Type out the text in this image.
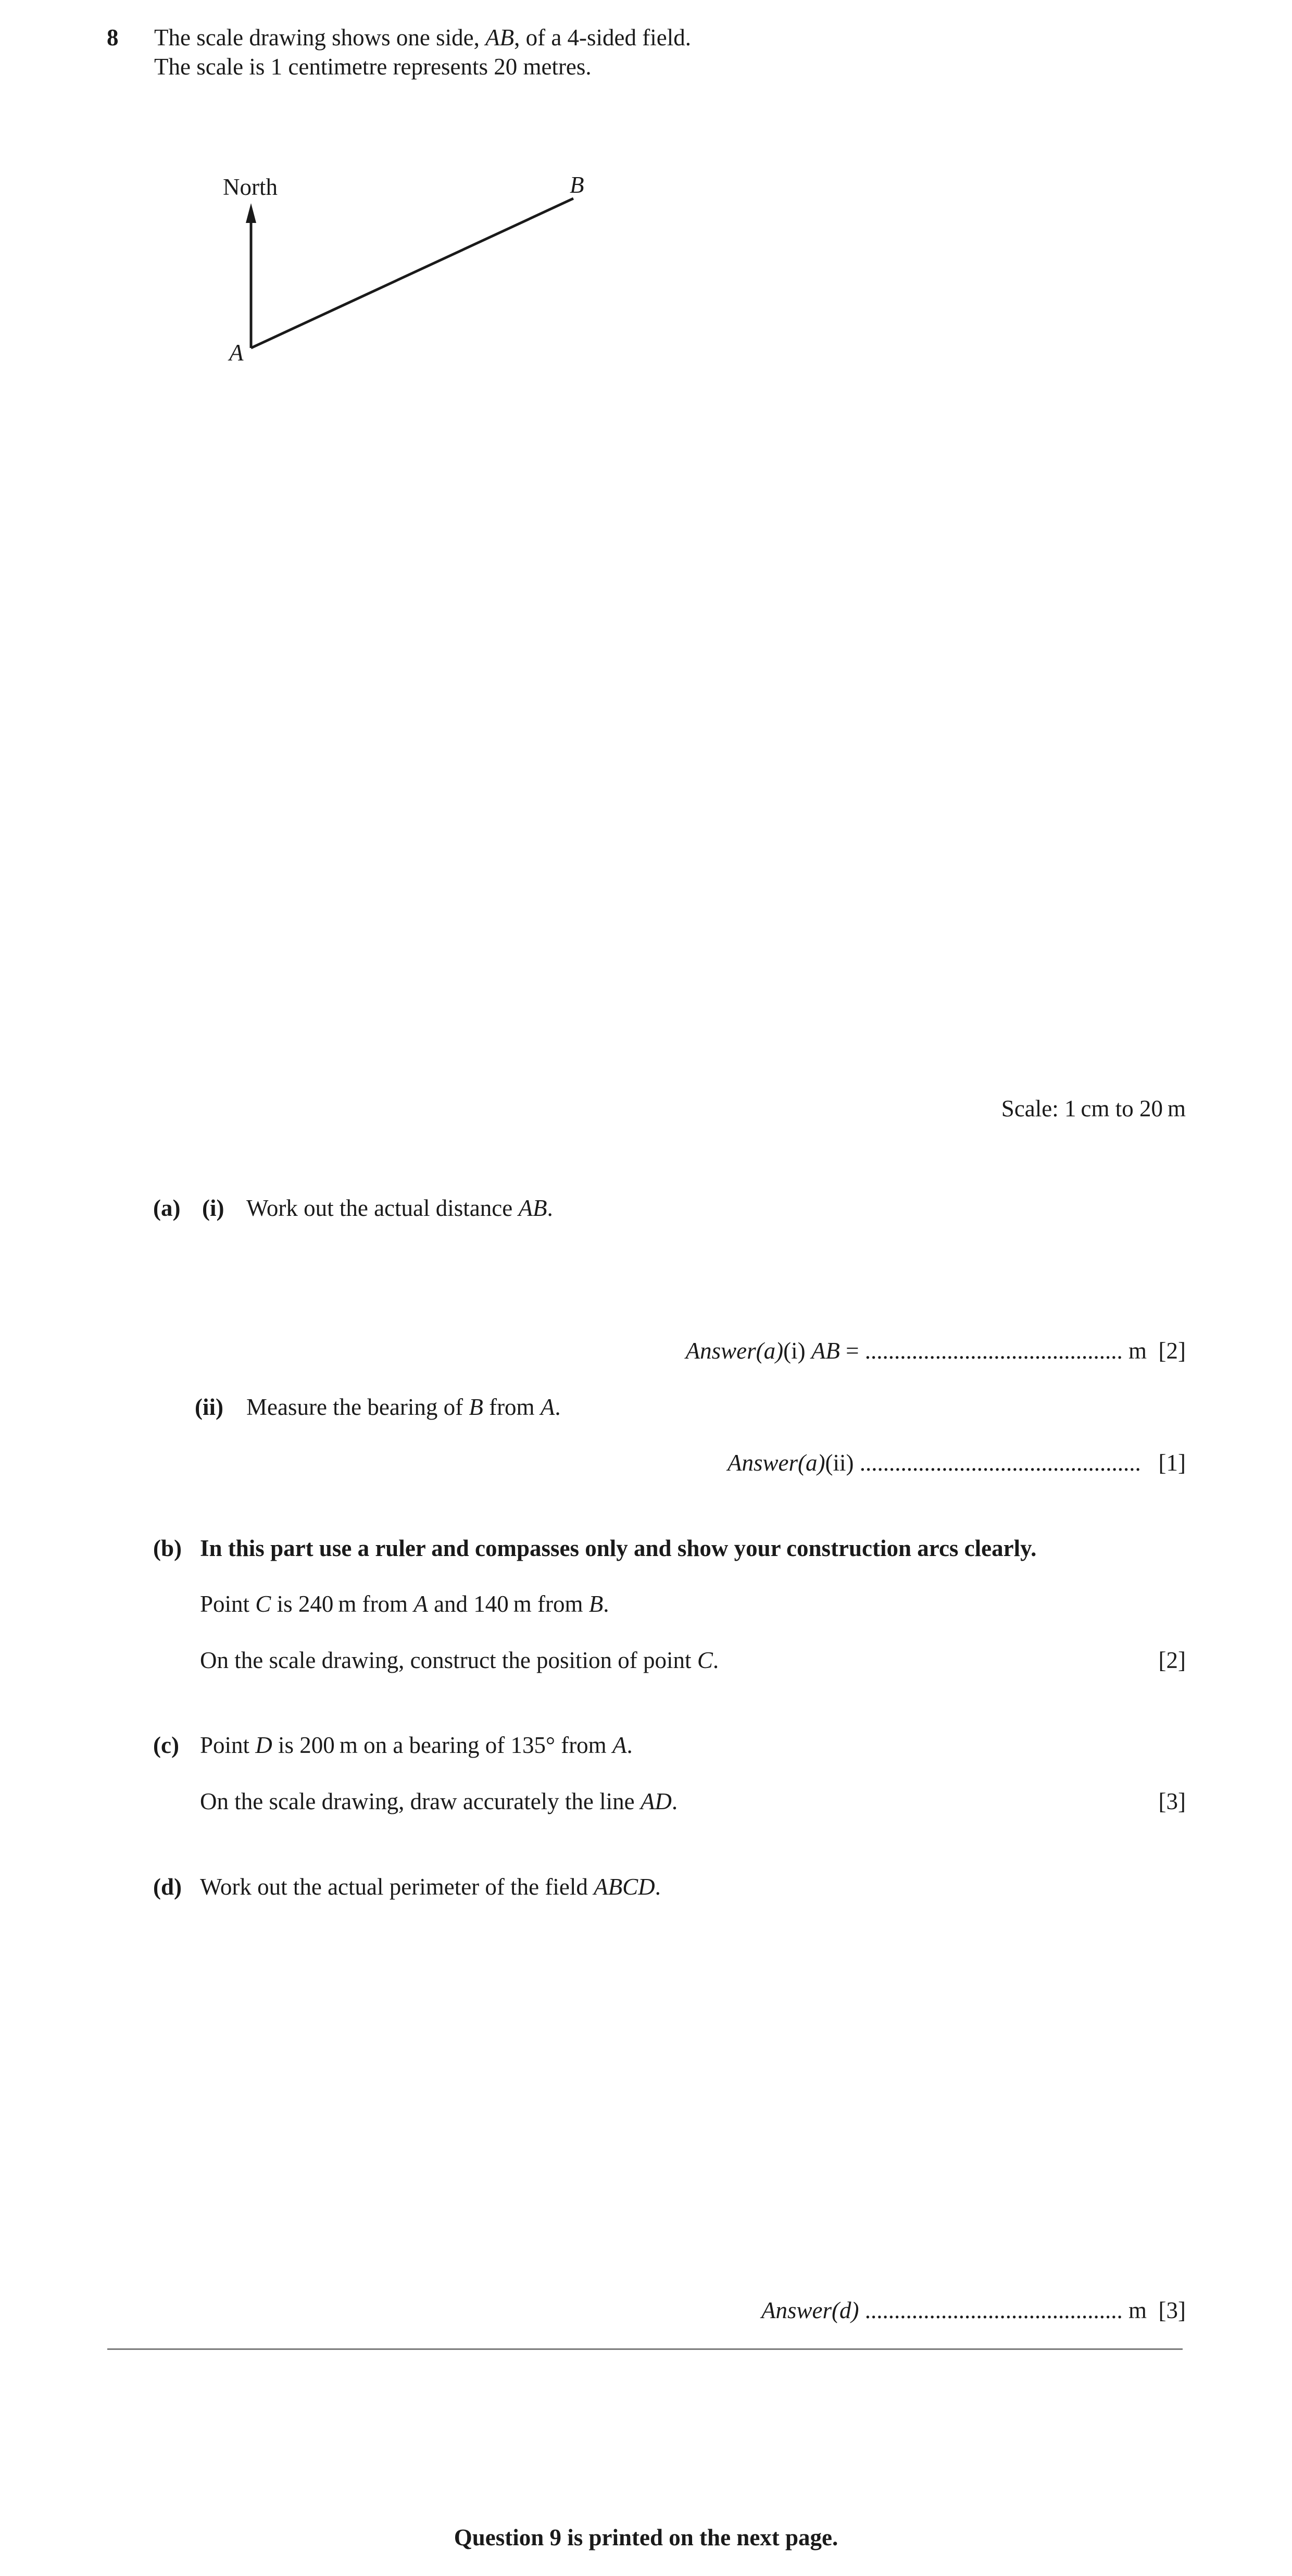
8 The scale drawing shows one side, AB, of a 4-sided field.
The scale is 1 centimetre represents 20 metres.
North
A
B
Scale: 1 cm to 20 m
(a) (i) Work out the actual distance AB.
Answer(a)(i) AB = ............................................ m [2]
(ii) Measure the bearing of B from A.
Answer(a)(ii) ................................................ [1]
(b) In this part use a ruler and compasses only and show your construction arcs clearly.
Point C is 240 m from A and 140 m from B.
On the scale drawing, construct the position of point C.	[2]
(c) Point D is 200 m on a bearing of 135° from A.
On the scale drawing, draw accurately the line AD.	[3]
(d) Work out the actual perimeter of the field ABCD.
Answer(d) ............................................ m [3]
Question 9 is printed on the next page.
